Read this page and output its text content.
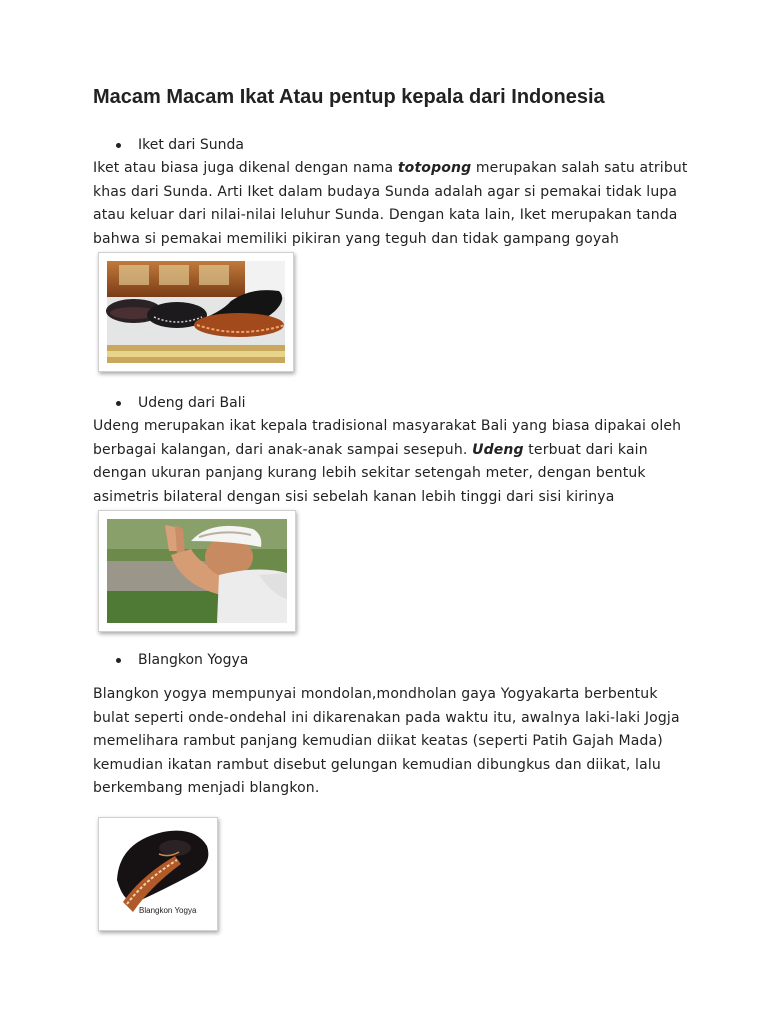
Macam Macam Ikat Atau pentup kepala dari Indonesia
Iket dari Sunda

Iket atau biasa juga dikenal dengan nama totopong merupakan salah satu atribut khas dari Sunda. Arti Iket dalam budaya Sunda adalah agar si pemakai tidak lupa atau keluar dari nilai-nilai leluhur Sunda. Dengan kata lain, Iket merupakan tanda bahwa si pemakai memiliki pikiran yang teguh dan tidak gampang goyah

Udeng dari Bali

Udeng merupakan ikat kepala tradisional masyarakat Bali yang biasa dipakai oleh berbagai kalangan, dari anak-anak sampai sesepuh. Udeng terbuat dari kain dengan ukuran panjang kurang lebih sekitar setengah meter, dengan bentuk asimetris bilateral dengan sisi sebelah kanan lebih tinggi dari sisi kirinya

Blangkon Yogya

Blangkon yogya mempunyai mondolan,mondholan gaya Yogyakarta berbentuk bulat seperti onde-ondehal ini dikarenakan pada waktu itu, awalnya laki-laki Jogja memelihara rambut panjang kemudian diikat keatas (seperti Patih Gajah Mada) kemudian ikatan rambut disebut gelungan kemudian dibungkus dan diikat, lalu berkembang menjadi blangkon.

Blangkon Yogya
